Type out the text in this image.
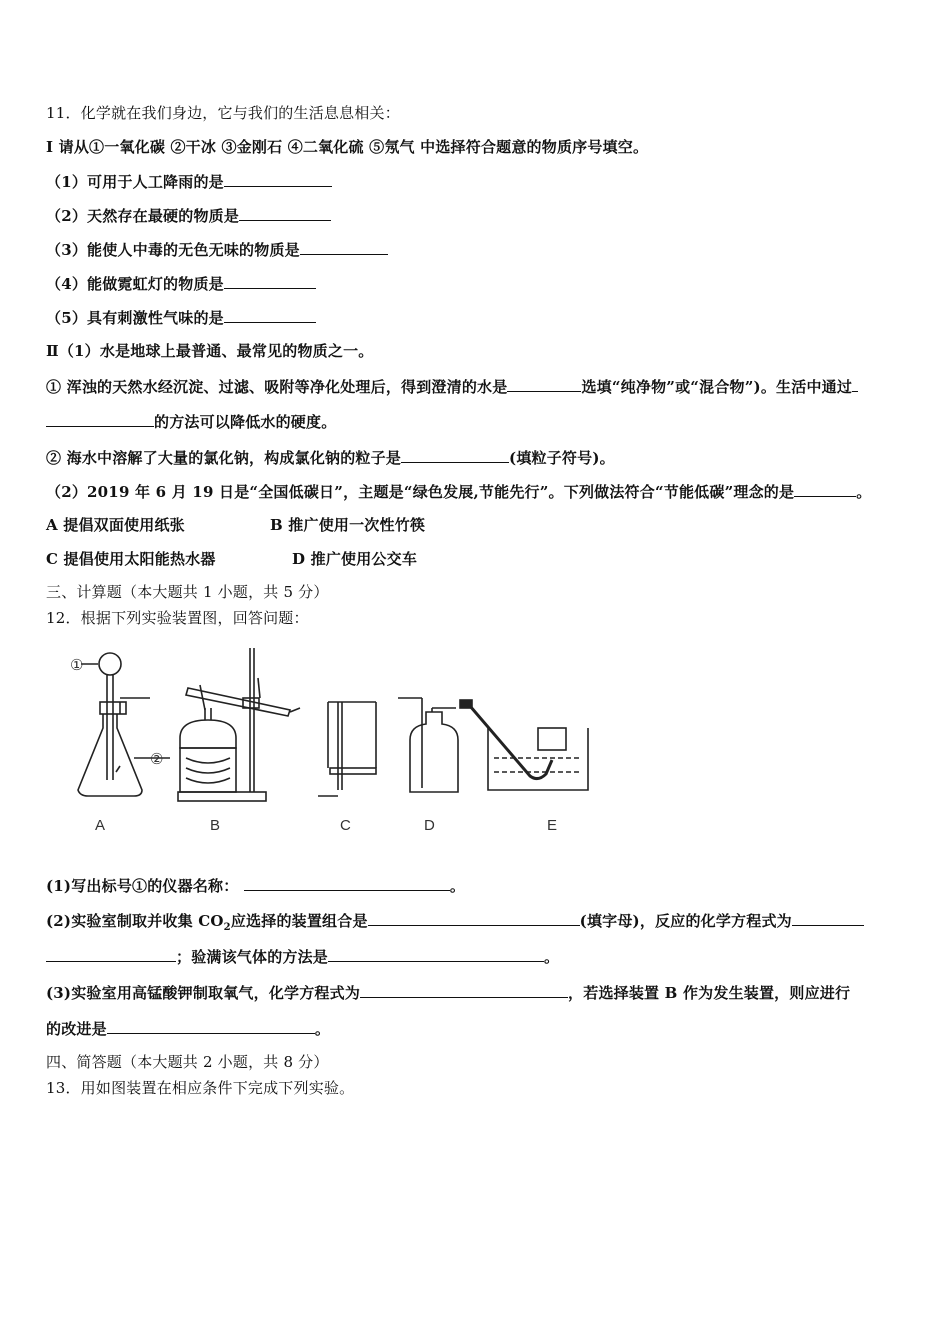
11．化学就在我们身边，它与我们的生活息息相关：
Ⅰ 请从①一氧化碳 ②干冰 ③金刚石 ④二氧化硫 ⑤氖气 中选择符合题意的物质序号填空。
（1）可用于人工降雨的是
（2）天然存在最硬的物质是
（3）能使人中毒的无色无味的物质是
（4）能做霓虹灯的物质是
（5）具有刺激性气味的是
Ⅱ（1）水是地球上最普通、最常见的物质之一。
① 浑浊的天然水经沉淀、过滤、吸附等净化处理后，得到澄清的水是	选填“纯净物”或“混合物”)。生活中通过
的方法可以降低水的硬度。
② 海水中溶解了大量的氯化钠，构成氯化钠的粒子是	(填粒子符号)。
（2）2019 年 6 月 19 日是“全国低碳日”，主题是“绿色发展,节能先行”。下列做法符合“节能低碳”理念的是	。
A 提倡双面使用纸张	B 推广使用一次性竹筷
C 提倡使用太阳能热水器	D 推广使用公交车
三、计算题（本大题共 1 小题，共 5 分）
12．根据下列实验装置图，回答问题：
①
②
A	B	C	D	E
(1)写出标号①的仪器名称：	。
(2)实验室制取并收集 $CO_2$应选择的装置组合是	(填字母)，反应的化学方程式为
；验满该气体的方法是	。
(3)实验室用高锰酸钾制取氧气，化学方程式为	，若选择装置 B 作为发生装置，则应进行
的改进是	。
四、简答题（本大题共 2 小题，共 8 分）
13．用如图装置在相应条件下完成下列实验。
